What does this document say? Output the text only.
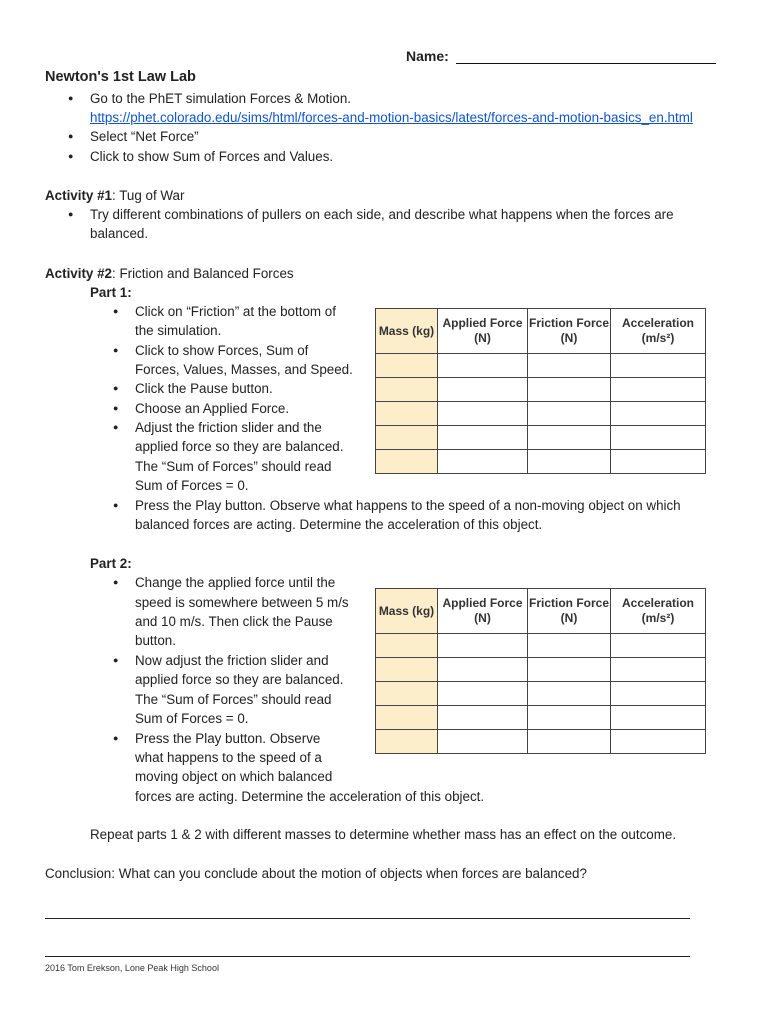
Name:
Newton's 1st Law Lab
●
Go to the PhET simulation Forces & Motion.
https://phet.colorado.edu/sims/html/forces-and-motion-basics/latest/forces-and-motion-basics_en.html
●
Select “Net Force”
●
Click to show Sum of Forces and Values.
Activity #1: Tug of War
●
Try different combinations of pullers on each side, and describe what happens when the forces are
balanced.
Activity #2: Friction and Balanced Forces
Part 1:
●
Click on “Friction” at the bottom of
the simulation.
●
Click to show Forces, Sum of
Forces, Values, Masses, and Speed.
●
Click the Pause button.
●
Choose an Applied Force.
●
Adjust the friction slider and the
applied force so they are balanced.
The “Sum of Forces” should read
Sum of Forces = 0.
●
Press the Play button. Observe what happens to the speed of a non-moving object on which
balanced forces are acting. Determine the acceleration of this object.
Mass (kg)	Applied Force (N)	Friction Force (N)	Acceleration (m/s²)

Part 2:
●
Change the applied force until the
speed is somewhere between 5 m/s
and 10 m/s. Then click the Pause
button.
●
Now adjust the friction slider and
applied force so they are balanced.
The “Sum of Forces” should read
Sum of Forces = 0.
●
Press the Play button. Observe
what happens to the speed of a
moving object on which balanced
forces are acting. Determine the acceleration of this object.
Mass (kg)	Applied Force (N)	Friction Force (N)	Acceleration (m/s²)

Repeat parts 1 & 2 with different masses to determine whether mass has an effect on the outcome.
Conclusion: What can you conclude about the motion of objects when forces are balanced?
2016 Tom Erekson, Lone Peak High School
